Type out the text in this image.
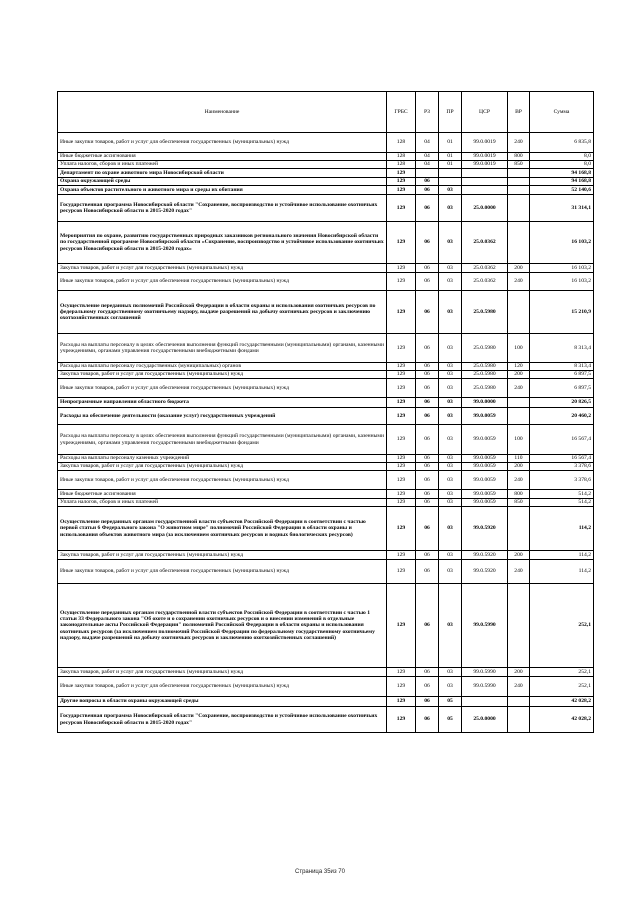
Наименование	ГРБС	РЗ	ПР	ЦСР	ВР	Сумма
Иные закупки товаров, работ и услуг для обеспечения государственных (муниципальных) нужд	128	04	01	99.0.0019	240	6 835,8
Иные бюджетные ассигнования	128	04	01	99.0.0019	800	8,0
Уплата налогов, сборов и иных платежей	128	04	01	99.0.0019	850	8,0
Департамент по охране животного мира Новосибирской области	129					94 168,8
Охрана окружающей среды	129	06				94 168,8
Охрана объектов растительного и животного мира и среды их обитания	129	06	03			52 140,6
Государственная программа Новосибирской области "Сохранение, воспроизводство и устойчивое использование охотничьих ресурсов Новосибирской области в 2015-2020 годах"	129	06	03	25.0.0000		31 314,1
Мероприятия по охране, развитию государственных природных заказников регионального значения Новосибирской области по государственной программе Новосибирской области «Сохранение, воспроизводство и устойчивое использование охотничьих ресурсов Новосибирской области в 2015-2020 годах»	129	06	03	25.0.0362		16 103,2
Закупка товаров, работ и услуг для государственных (муниципальных) нужд	129	06	03	25.0.0362	200	16 103,2
Иные закупки товаров, работ и услуг для обеспечения государственных (муниципальных) нужд	129	06	03	25.0.0362	240	16 103,2
Осуществление переданных полномочий Российской Федерации в области охраны и использования охотничьих ресурсов по федеральному государственному охотничьему надзору, выдаче разрешений на добычу охотничьих ресурсов и заключению охотхозяйственных соглашений	129	06	03	25.0.5980		15 210,9
Расходы на выплаты персоналу в целях обеспечения выполнения функций государственными (муниципальными) органами, казенными учреждениями, органами управления государственными внебюджетными фондами	129	06	03	25.0.5980	100	8 313,4
Расходы на выплаты персоналу государственных (муниципальных) органов	129	06	03	25.0.5980	120	8 313,4
Закупка товаров, работ и услуг для государственных (муниципальных) нужд	129	06	03	25.0.5980	200	6 897,5
Иные закупки товаров, работ и услуг для обеспечения государственных (муниципальных) нужд	129	06	03	25.0.5980	240	6 897,5
Непрограммные направления областного бюджета	129	06	03	99.0.0000		20 826,5
Расходы на обеспечение деятельности (оказание услуг) государственных учреждений	129	06	03	99.0.0059		20 460,2
Расходы на выплаты персоналу в целях обеспечения выполнения функций государственными (муниципальными) органами, казенными учреждениями, органами управления государственными внебюджетными фондами	129	06	03	99.0.0059	100	16 567,4
Расходы на выплаты персоналу казенных учреждений	129	06	03	99.0.0059	110	16 567,4
Закупка товаров, работ и услуг для государственных (муниципальных) нужд	129	06	03	99.0.0059	200	3 378,6
Иные закупки товаров, работ и услуг для обеспечения государственных (муниципальных) нужд	129	06	03	99.0.0059	240	3 378,6
Иные бюджетные ассигнования	129	06	03	99.0.0059	800	514,2
Уплата налогов, сборов и иных платежей	129	06	03	99.0.0059	850	514,2
Осуществление переданных органам государственной власти субъектов Российской Федерации в соответствии с частью первой статьи 6 Федерального закона "О животном мире" полномочий Российской Федерации в области охраны и использования объектов животного мира (за исключением охотничьих ресурсов и водных биологических ресурсов)	129	06	03	99.0.5920		114,2
Закупка товаров, работ и услуг для государственных (муниципальных) нужд	129	06	03	99.0.5920	200	114,2
Иные закупки товаров, работ и услуг для обеспечения государственных (муниципальных) нужд	129	06	03	99.0.5920	240	114,2
Осуществление переданных органам государственной власти субъектов Российской Федерации в соответствии с частью 1 статьи 33 Федерального закона "Об охоте и о сохранении охотничьих ресурсов и о внесении изменений в отдельные законодательные акты Российской Федерации" полномочий Российской Федерации в области охраны и использования охотничьих ресурсов (за исключением полномочий Российской Федерации по федеральному государственному охотничьему надзору, выдаче разрешений на добычу охотничьих ресурсов и заключению охотхозяйственных соглашений)	129	06	03	99.0.5990		252,1
Закупка товаров, работ и услуг для государственных (муниципальных) нужд	129	06	03	99.0.5990	200	252,1
Иные закупки товаров, работ и услуг для обеспечения государственных (муниципальных) нужд	129	06	03	99.0.5990	240	252,1
Другие вопросы в области охраны окружающей среды	129	06	05			42 028,2
Государственная программа Новосибирской области "Сохранение, воспроизводство и устойчивое использование охотничьих ресурсов Новосибирской области в 2015-2020 годах"	129	06	05	25.0.0000		42 028,2
Страница 35из 70
